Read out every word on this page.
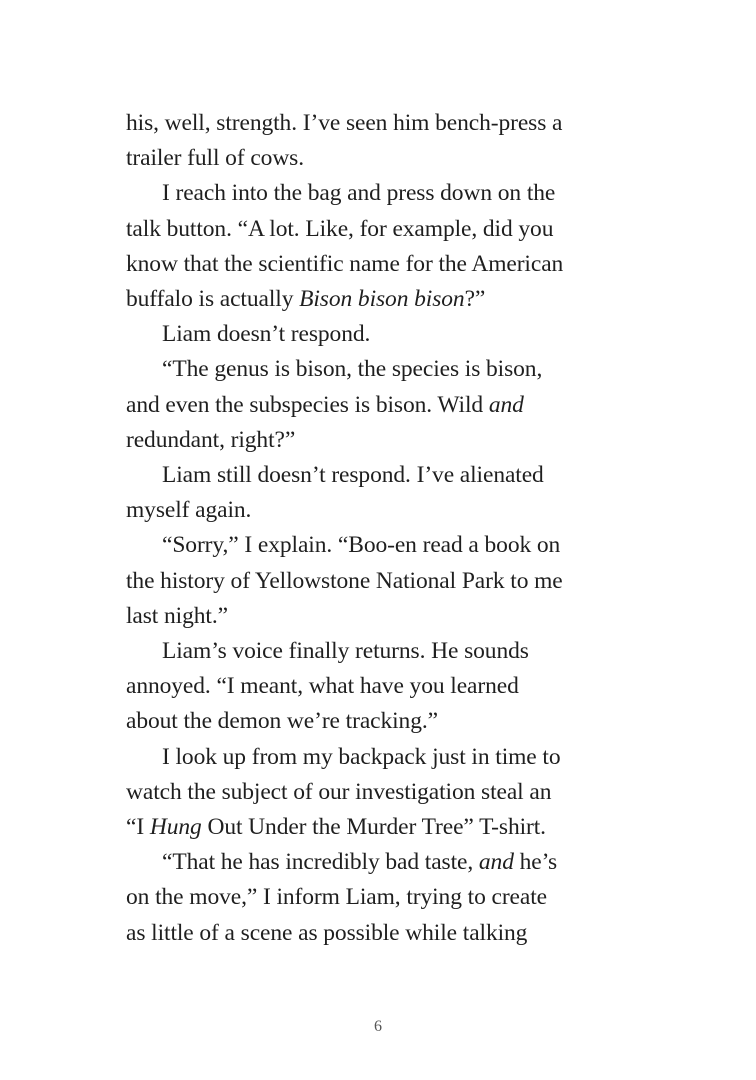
his, well, strength. I’ve seen him bench-press a
trailer full of cows.
I reach into the bag and press down on the
talk button. “A lot. Like, for example, did you
know that the scientific name for the American
buffalo is actually Bison bison bison?”
Liam doesn’t respond.
“The genus is bison, the species is bison,
and even the subspecies is bison. Wild and
redundant, right?”
Liam still doesn’t respond. I’ve alienated
myself again.
“Sorry,” I explain. “Boo-en read a book on
the history of Yellowstone National Park to me
last night.”
Liam’s voice finally returns. He sounds
annoyed. “I meant, what have you learned
about the demon we’re tracking.”
I look up from my backpack just in time to
watch the subject of our investigation steal an
“I Hung Out Under the Murder Tree” T-shirt.
“That he has incredibly bad taste, and he’s
on the move,” I inform Liam, trying to create
as little of a scene as possible while talking
6
